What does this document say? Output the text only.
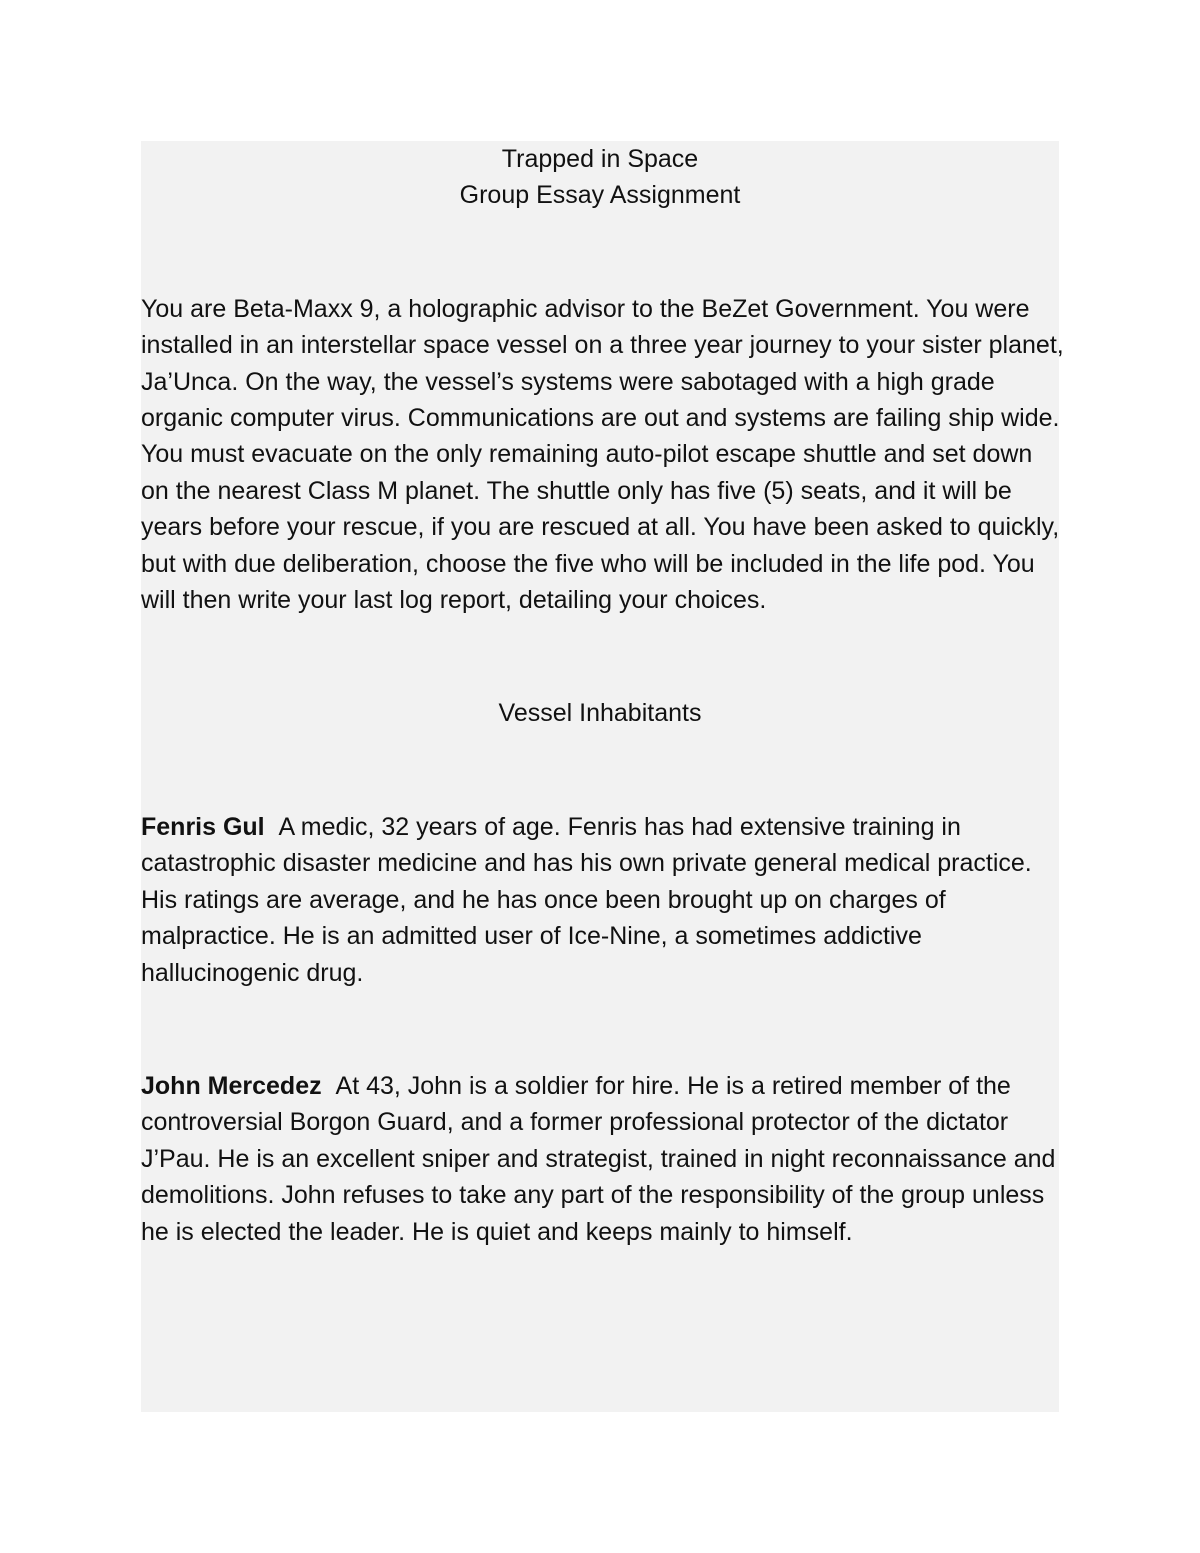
Trapped in Space
Group Essay Assignment

You are Beta-Maxx 9, a holographic advisor to the BeZet Government. You were installed in an interstellar space vessel on a three year journey to your sister planet, Ja’Unca. On the way, the vessel’s systems were sabotaged with a high grade organic computer virus. Communications are out and systems are failing ship wide. You must evacuate on the only remaining auto-pilot escape shuttle and set down on the nearest Class M planet. The shuttle only has five (5) seats, and it will be years before your rescue, if you are rescued at all. You have been asked to quickly, but with due deliberation, choose the five who will be included in the life pod. You will then write your last log report, detailing your choices.

Vessel Inhabitants

Fenris Gul A medic, 32 years of age. Fenris has had extensive training in catastrophic disaster medicine and has his own private general medical practice. His ratings are average, and he has once been brought up on charges of malpractice. He is an admitted user of Ice-Nine, a sometimes addictive hallucinogenic drug.

John Mercedez At 43, John is a soldier for hire. He is a retired member of the controversial Borgon Guard, and a former professional protector of the dictator J’Pau. He is an excellent sniper and strategist, trained in night reconnaissance and demolitions. John refuses to take any part of the responsibility of the group unless he is elected the leader. He is quiet and keeps mainly to himself.
